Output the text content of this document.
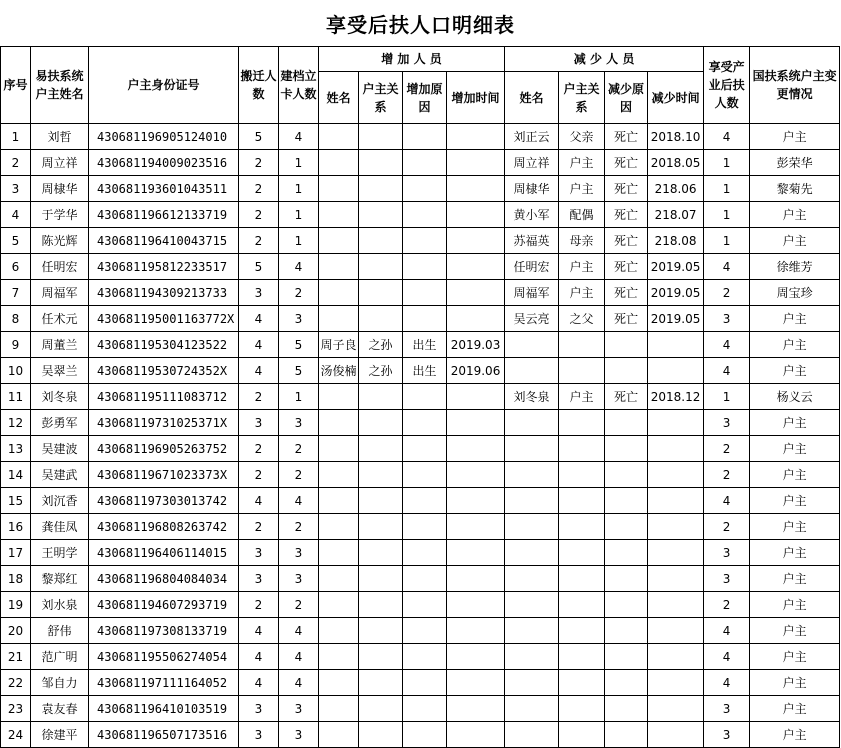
享受后扶人口明细表
序号	易扶系统户主姓名	户主身份证号	搬迁人数	建档立卡人数	增 加 人 员				减 少 人 员				享受产业后扶人数	国扶系统户主变更情况
					姓名	户主关系	增加原因	增加时间	姓名	户主关系	减少原因	减少时间		
1	刘哲	430681196905124010	5	4					刘正云	父亲	死亡	2018.10	4	户主
2	周立祥	430681194009023516	2	1					周立祥	户主	死亡	2018.05	1	彭荣华
3	周棣华	430681193601043511	2	1					周棣华	户主	死亡	218.06	1	黎菊先
4	于学华	430681196612133719	2	1					黄小军	配偶	死亡	218.07	1	户主
5	陈光辉	430681196410043715	2	1					苏福英	母亲	死亡	218.08	1	户主
6	任明宏	430681195812233517	5	4					任明宏	户主	死亡	2019.05	4	徐维芳
7	周福军	430681194309213733	3	2					周福军	户主	死亡	2019.05	2	周宝珍
8	任术元	430681195001163772X	4	3					吴云亮	之父	死亡	2019.05	3	户主
9	周董兰	430681195304123522	4	5	周子良	之孙	出生	2019.03					4	户主
10	吴翠兰	43068119530724352X	4	5	汤俊楠	之孙	出生	2019.06					4	户主
11	刘冬泉	430681195111083712	2	1					刘冬泉	户主	死亡	2018.12	1	杨义云
12	彭勇军	43068119731025371X	3	3									3	户主
13	吴建波	430681196905263752	2	2									2	户主
14	吴建武	43068119671023373X	2	2									2	户主
15	刘沉香	430681197303013742	4	4									4	户主
16	龚佳凤	430681196808263742	2	2									2	户主
17	王明学	430681196406114015	3	3									3	户主
18	黎郑红	430681196804084034	3	3									3	户主
19	刘水泉	430681194607293719	2	2									2	户主
20	舒伟	430681197308133719	4	4									4	户主
21	范广明	430681195506274054	4	4									4	户主
22	邹自力	430681197111164052	4	4									4	户主
23	袁友春	430681196410103519	3	3									3	户主
24	徐建平	430681196507173516	3	3									3	户主
